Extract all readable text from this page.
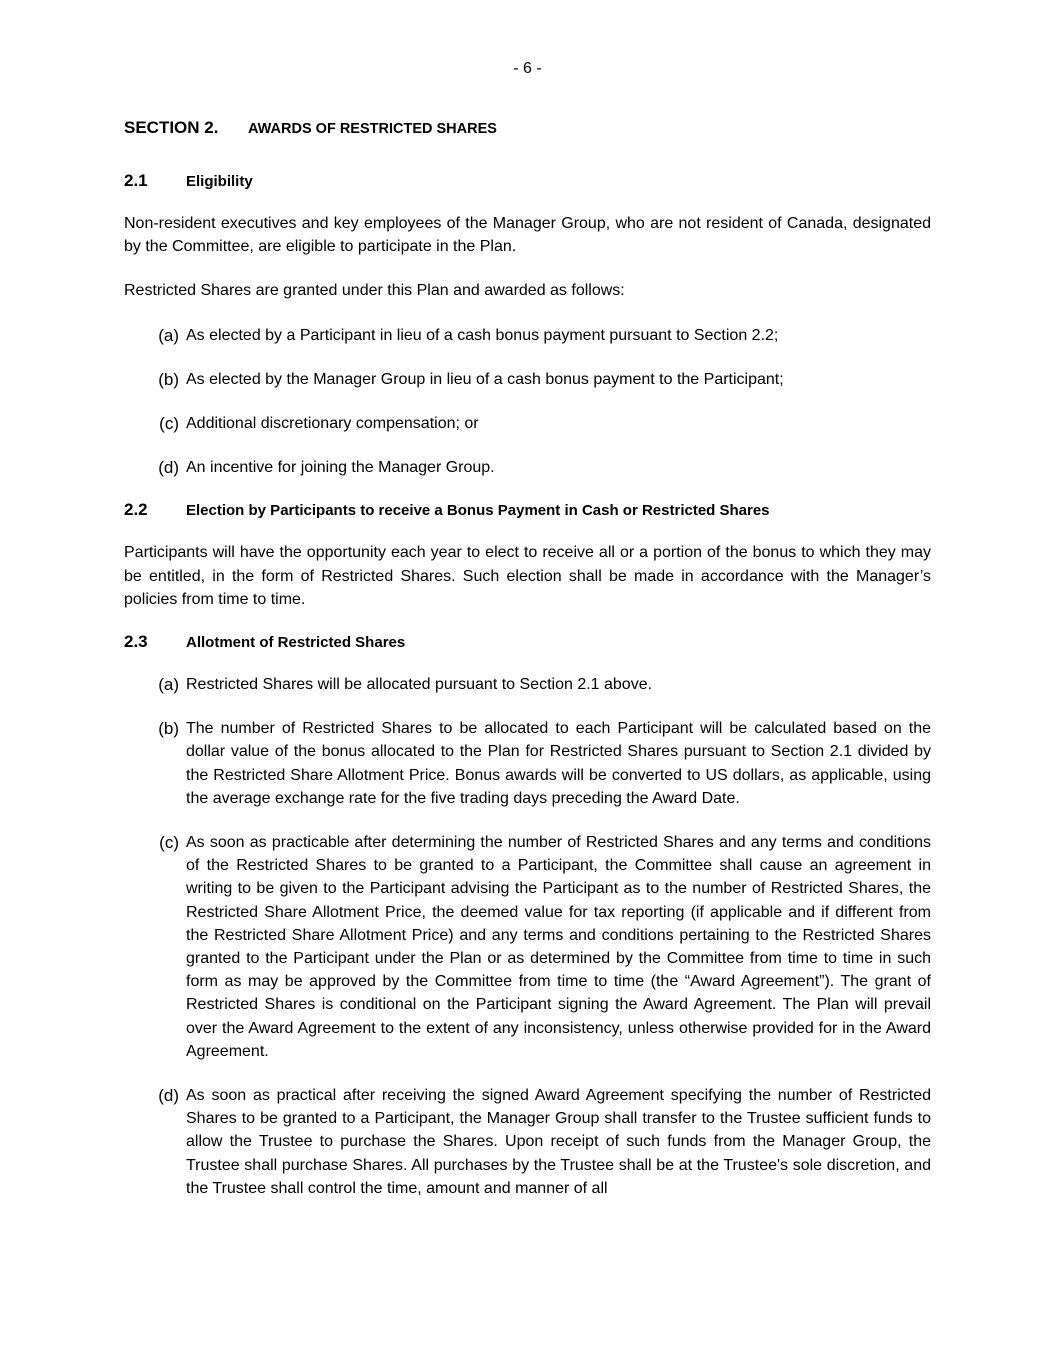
- 6 -
SECTION 2.	AWARDS OF RESTRICTED SHARES
2.1	Eligibility

Non-resident executives and key employees of the Manager Group, who are not resident of Canada, designated by the Committee, are eligible to participate in the Plan.

Restricted Shares are granted under this Plan and awarded as follows:

(a) As elected by a Participant in lieu of a cash bonus payment pursuant to Section 2.2;
(b) As elected by the Manager Group in lieu of a cash bonus payment to the Participant;
(c) Additional discretionary compensation; or
(d) An incentive for joining the Manager Group.
2.2	Election by Participants to receive a Bonus Payment in Cash or Restricted Shares

Participants will have the opportunity each year to elect to receive all or a portion of the bonus to which they may be entitled, in the form of Restricted Shares. Such election shall be made in accordance with the Manager’s policies from time to time.

2.3	Allotment of Restricted Shares
(a) Restricted Shares will be allocated pursuant to Section 2.1 above.
(b) The number of Restricted Shares to be allocated to each Participant will be calculated based on the dollar value of the bonus allocated to the Plan for Restricted Shares pursuant to Section 2.1 divided by the Restricted Share Allotment Price. Bonus awards will be converted to US dollars, as applicable, using the average exchange rate for the five trading days preceding the Award Date.
(c) As soon as practicable after determining the number of Restricted Shares and any terms and conditions of the Restricted Shares to be granted to a Participant, the Committee shall cause an agreement in writing to be given to the Participant advising the Participant as to the number of Restricted Shares, the Restricted Share Allotment Price, the deemed value for tax reporting (if applicable and if different from the Restricted Share Allotment Price) and any terms and conditions pertaining to the Restricted Shares granted to the Participant under the Plan or as determined by the Committee from time to time in such form as may be approved by the Committee from time to time (the “Award Agreement”). The grant of Restricted Shares is conditional on the Participant signing the Award Agreement. The Plan will prevail over the Award Agreement to the extent of any inconsistency, unless otherwise provided for in the Award Agreement.
(d) As soon as practical after receiving the signed Award Agreement specifying the number of Restricted Shares to be granted to a Participant, the Manager Group shall transfer to the Trustee sufficient funds to allow the Trustee to purchase the Shares. Upon receipt of such funds from the Manager Group, the Trustee shall purchase Shares. All purchases by the Trustee shall be at the Trustee's sole discretion, and the Trustee shall control the time, amount and manner of all
